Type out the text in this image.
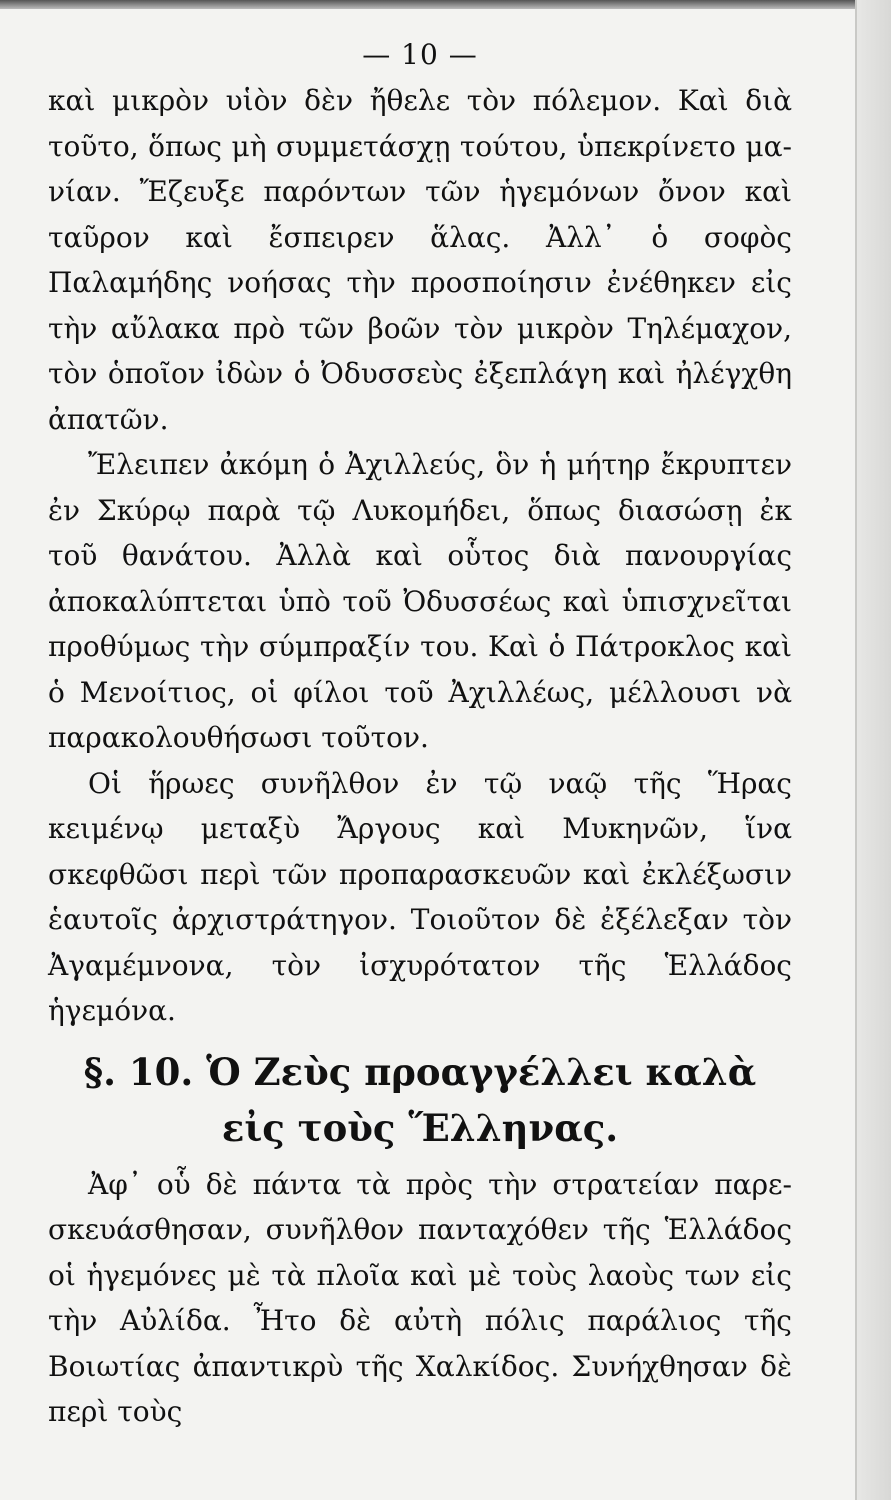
— 10 —

καὶ μικρὸν υἱὸν δὲν ἤθελε τὸν πόλεμον. Καὶ διὰ τοῦτο, ὅπως μὴ συμμετάσχῃ τούτου, ὑπεκρίνετο μανίαν. Ἔζευξε παρόντων τῶν ἡγεμόνων ὄνον καὶ ταῦρον καὶ ἔσπειρεν ἅλας. Ἀλλ᾽ ὁ σοφὸς Παλαμήδης νοήσας τὴν προσποίησιν ἐνέθηκεν εἰς τὴν αὔλακα πρὸ τῶν βοῶν τὸν μικρὸν Τηλέμαχον, τὸν ὁποῖον ἰδὼν ὁ Ὀδυσσεὺς ἐξεπλάγη καὶ ἠλέγχθη ἀπατῶν.

Ἔλειπεν ἀκόμη ὁ Ἀχιλλεύς, ὃν ἡ μήτηρ ἔκρυπτεν ἐν Σκύρῳ παρὰ τῷ Λυκομήδει, ὅπως διασώσῃ ἐκ τοῦ θανάτου. Ἀλλὰ καὶ οὗτος διὰ πανουργίας ἀποκαλύπτεται ὑπὸ τοῦ Ὀδυσσέως καὶ ὑπισχνεῖται προθύμως τὴν σύμπραξίν του. Καὶ ὁ Πάτροκλος καὶ ὁ Μενοίτιος, οἱ φίλοι τοῦ Ἀχιλλέως, μέλλουσι νὰ παρακολουθήσωσι τοῦτον.

Οἱ ἥρωες συνῆλθον ἐν τῷ ναῷ τῆς Ἥρας κειμένῳ μεταξὺ Ἄργους καὶ Μυκηνῶν, ἵνα σκεφθῶσι περὶ τῶν προπαρασκευῶν καὶ ἐκλέξωσιν ἑαυτοῖς ἀρχιστράτηγον. Τοιοῦτον δὲ ἐξέλεξαν τὸν Ἀγαμέμνονα, τὸν ἰσχυρότατον τῆς Ἑλλάδος ἡγεμόνα.

§. 10. Ὁ Ζεὺς προαγγέλλει καλὰ
εἰς τοὺς Ἕλληνας.

Ἀφ᾽ οὗ δὲ πάντα τὰ πρὸς τὴν στρατείαν παρεσκευάσθησαν, συνῆλθον πανταχόθεν τῆς Ἑλλάδος οἱ ἡγεμόνες μὲ τὰ πλοῖα καὶ μὲ τοὺς λαοὺς των εἰς τὴν Αὐλίδα. Ἦτο δὲ αὐτὴ πόλις παράλιος τῆς Βοιωτίας ἀπαντικρὺ τῆς Χαλκίδος. Συνήχθησαν δὲ περὶ τοὺς
